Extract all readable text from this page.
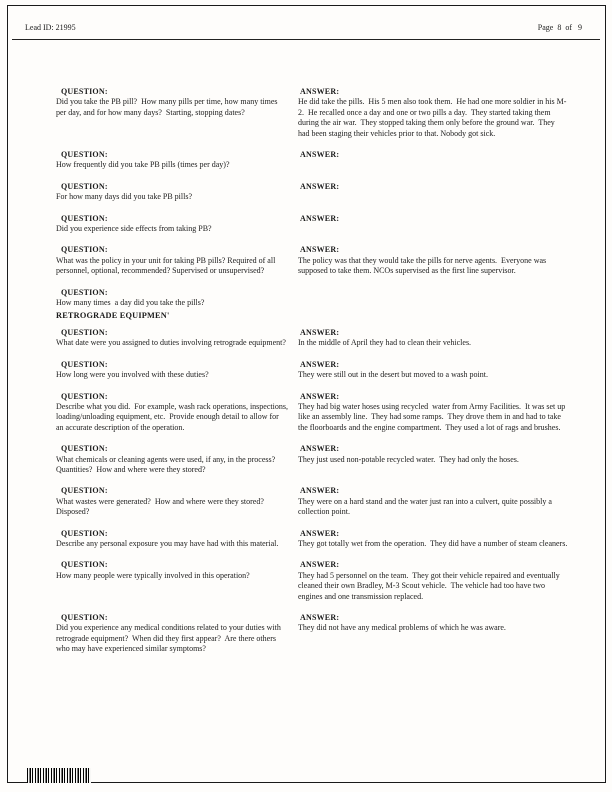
Lead ID: 21995	Page  8  of   9
QUESTION:
Did you take the PB pill?  How many pills per time, how many times per day, and for how many days?  Starting, stopping dates?
ANSWER:
He did take the pills.  His 5 men also took them.  He had one more soldier in his M-2.  He recalled once a day and one or two pills a day.  They started taking them during the air war.  They stopped taking them only before the ground war.  They had been staging their vehicles prior to that. Nobody got sick.
QUESTION:
How frequently did you take PB pills (times per day)?
ANSWER:
QUESTION:
For how many days did you take PB pills?
ANSWER:
QUESTION:
Did you experience side effects from taking PB?
ANSWER:
QUESTION:
What was the policy in your unit for taking PB pills? Required of all personnel, optional, recommended? Supervised or unsupervised?
ANSWER:
The policy was that they would take the pills for nerve agents.  Everyone was supposed to take them. NCOs supervised as the first line supervisor.
QUESTION:
How many times  a day did you take the pills?
RETROGRADE EQUIPMEN'
QUESTION:
What date were you assigned to duties involving retrograde equipment?
ANSWER:
In the middle of April they had to clean their vehicles.
QUESTION:
How long were you involved with these duties?
ANSWER:
They were still out in the desert but moved to a wash point.
QUESTION:
Describe what you did.  For example, wash rack operations, inspections, loading/unloading equipment, etc.  Provide enough detail to allow for an accurate description of the operation.
ANSWER:
They had big water hoses using recycled  water from Army Facilities.  It was set up like an assembly line.  They had some ramps.  They drove them in and had to take the floorboards and the engine compartment.  They used a lot of rags and brushes.
QUESTION:
What chemicals or cleaning agents were used, if any, in the process?  Quantities?  How and where were they stored?
ANSWER:
They just used non-potable recycled water.  They had only the hoses.
QUESTION:
What wastes were generated?  How and where were they stored?  Disposed?
ANSWER:
They were on a hard stand and the water just ran into a culvert, quite possibly a collection point.
QUESTION:
Describe any personal exposure you may have had with this material.
ANSWER:
They got totally wet from the operation.  They did have a number of steam cleaners.
QUESTION:
How many people were typically involved in this operation?
ANSWER:
They had 5 personnel on the team.  They got their vehicle repaired and eventually cleaned their own Bradley, M-3 Scout vehicle.  The vehicle had too have two engines and one transmission replaced.
QUESTION:
Did you experience any medical conditions related to your duties with retrograde equipment?  When did they first appear?  Are there others who may have experienced similar symptoms?
ANSWER:
They did not have any medical problems of which he was aware.
